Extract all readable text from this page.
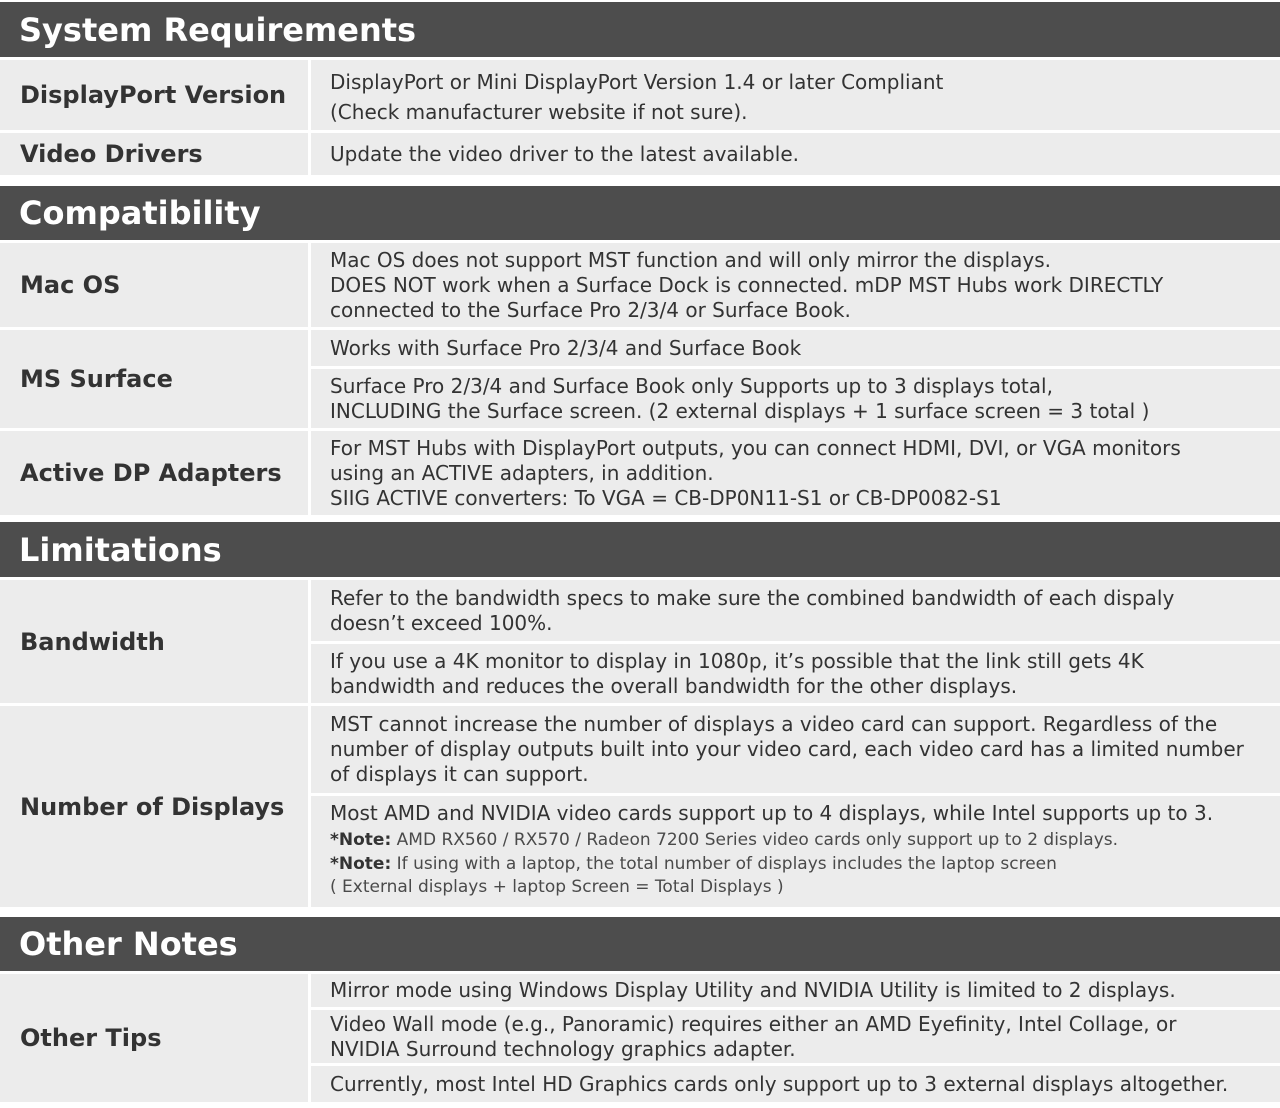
System Requirements
DisplayPort Version DisplayPort or Mini DisplayPort Version 1.4 or later Compliant
(Check manufacturer website if not sure).
Video Drivers	Update the video driver to the latest available.
Compatibility
Mac OS
Mac OS does not support MST function and will only mirror the displays.
DOES NOT work when a Surface Dock is connected. mDP MST Hubs work DIRECTLY
connected to the Surface Pro 2/3/4 or Surface Book.
MS Surface
Works with Surface Pro 2/3/4 and Surface Book
Surface Pro 2/3/4 and Surface Book only Supports up to 3 displays total,
INCLUDING the Surface screen. (2 external displays + 1 surface screen = 3 total )
Active DP Adapters
For MST Hubs with DisplayPort outputs, you can connect HDMI, DVI, or VGA monitors
using an ACTIVE adapters, in addition.
SIIG ACTIVE converters: To VGA = CB-DP0N11-S1 or CB-DP0082-S1
Limitations
Bandwidth
Refer to the bandwidth specs to make sure the combined bandwidth of each dispaly
doesn’t exceed 100%.
If you use a 4K monitor to display in 1080p, it’s possible that the link still gets 4K
bandwidth and reduces the overall bandwidth for the other displays.
Number of Displays
MST cannot increase the number of displays a video card can support. Regardless of the
number of display outputs built into your video card, each video card has a limited number
of displays it can support.
Most AMD and NVIDIA video cards support up to 4 displays, while Intel supports up to 3.
*Note: AMD RX560 / RX570 / Radeon 7200 Series video cards only support up to 2 displays.
*Note: If using with a laptop, the total number of displays includes the laptop screen
( External displays + laptop Screen = Total Displays )
Other Notes
Other Tips
Mirror mode using Windows Display Utility and NVIDIA Utility is limited to 2 displays.
Video Wall mode (e.g., Panoramic) requires either an AMD Eyefinity, Intel Collage, or
NVIDIA Surround technology graphics adapter.
Currently, most Intel HD Graphics cards only support up to 3 external displays altogether.
